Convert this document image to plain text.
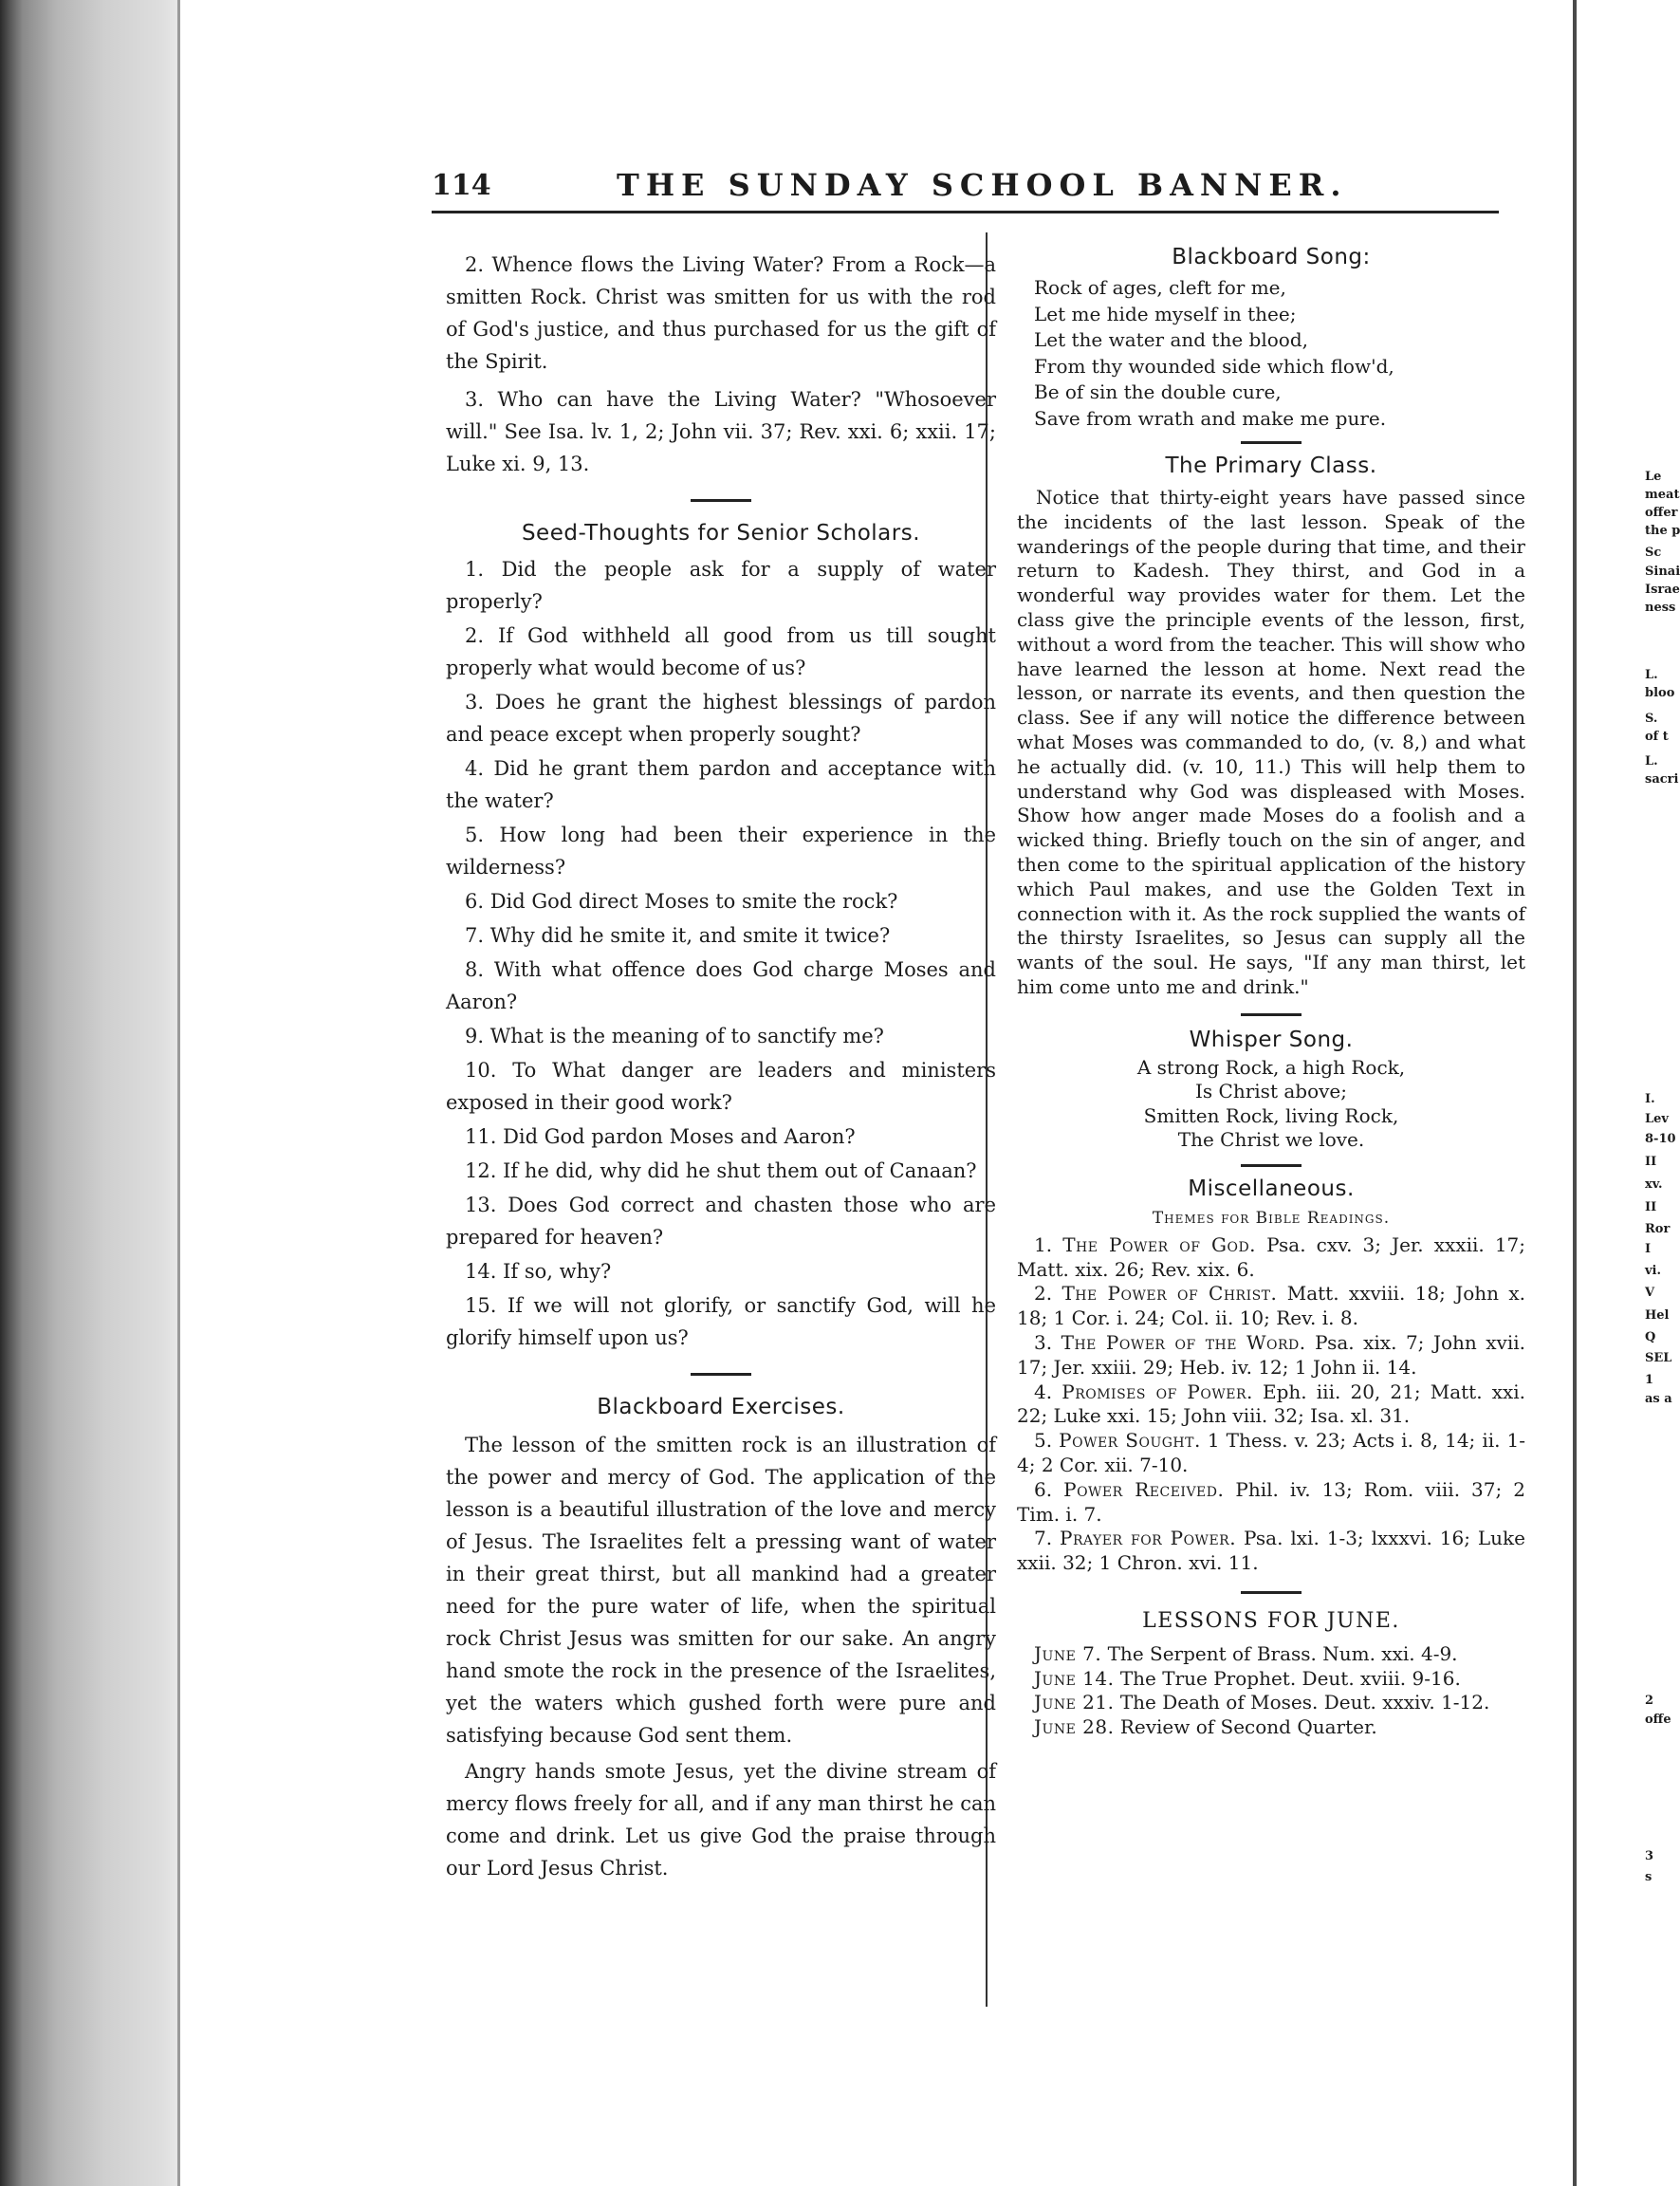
Le
meat
offer
the p
Sc
Sinai
Israe
ness
L.
bloo
S.
of t
L.
sacri
I.
Lev
8-10
II
xv.
II
Ror
I
vi.
V
Hel
Q
SEL
1
as a
2
offe
3
s
114	THE SUNDAY SCHOOL BANNER.

2. Whence flows the Living Water? From a Rock—a smitten Rock. Christ was smitten for us with the rod of God's justice, and thus purchased for us the gift of the Spirit.

3. Who can have the Living Water? "Whosoever will." See Isa. lv. 1, 2; John vii. 37; Rev. xxi. 6; xxii. 17; Luke xi. 9, 13.

Seed-Thoughts for Senior Scholars.

1. Did the people ask for a supply of water properly?

2. If God withheld all good from us till sought properly what would become of us?

3. Does he grant the highest blessings of pardon and peace except when properly sought?

4. Did he grant them pardon and acceptance with the water?

5. How long had been their experience in the wilderness?

6. Did God direct Moses to smite the rock?

7. Why did he smite it, and smite it twice?

8. With what offence does God charge Moses and Aaron?

9. What is the meaning of to sanctify me?

10. To What danger are leaders and ministers exposed in their good work?

11. Did God pardon Moses and Aaron?

12. If he did, why did he shut them out of Canaan?

13. Does God correct and chasten those who are prepared for heaven?

14. If so, why?

15. If we will not glorify, or sanctify God, will he glorify himself upon us?

Blackboard Exercises.

The lesson of the smitten rock is an illustration of the power and mercy of God. The application of the lesson is a beautiful illustration of the love and mercy of Jesus. The Israelites felt a pressing want of water in their great thirst, but all mankind had a greater need for the pure water of life, when the spiritual rock Christ Jesus was smitten for our sake. An angry hand smote the rock in the presence of the Israelites, yet the waters which gushed forth were pure and satisfying because God sent them.

Angry hands smote Jesus, yet the divine stream of mercy flows freely for all, and if any man thirst he can come and drink. Let us give God the praise through our Lord Jesus Christ.

Blackboard Song:
Rock of ages, cleft for me,
Let me hide myself in thee;
Let the water and the blood,
From thy wounded side which flow'd,
Be of sin the double cure,
Save from wrath and make me pure.
The Primary Class.

Notice that thirty-eight years have passed since the incidents of the last lesson. Speak of the wanderings of the people during that time, and their return to Kadesh. They thirst, and God in a wonderful way provides water for them. Let the class give the principle events of the lesson, first, without a word from the teacher. This will show who have learned the lesson at home. Next read the lesson, or narrate its events, and then question the class. See if any will notice the difference between what Moses was commanded to do, (v. 8,) and what he actually did. (v. 10, 11.) This will help them to understand why God was displeased with Moses. Show how anger made Moses do a foolish and a wicked thing. Briefly touch on the sin of anger, and then come to the spiritual application of the history which Paul makes, and use the Golden Text in connection with it. As the rock supplied the wants of the thirsty Israelites, so Jesus can supply all the wants of the soul. He says, "If any man thirst, let him come unto me and drink."

Whisper Song.
A strong Rock, a high Rock,
Is Christ above;
Smitten Rock, living Rock,
The Christ we love.
Miscellaneous.
Themes for Bible Readings.

1. The Power of God. Psa. cxv. 3; Jer. xxxii. 17; Matt. xix. 26; Rev. xix. 6.

2. The Power of Christ. Matt. xxviii. 18; John x. 18; 1 Cor. i. 24; Col. ii. 10; Rev. i. 8.

3. The Power of the Word. Psa. xix. 7; John xvii. 17; Jer. xxiii. 29; Heb. iv. 12; 1 John ii. 14.

4. Promises of Power. Eph. iii. 20, 21; Matt. xxi. 22; Luke xxi. 15; John viii. 32; Isa. xl. 31.

5. Power Sought. 1 Thess. v. 23; Acts i. 8, 14; ii. 1-4; 2 Cor. xii. 7-10.

6. Power Received. Phil. iv. 13; Rom. viii. 37; 2 Tim. i. 7.

7. Prayer for Power. Psa. lxi. 1-3; lxxxvi. 16; Luke xxii. 32; 1 Chron. xvi. 11.

LESSONS FOR JUNE.

June 7. The Serpent of Brass. Num. xxi. 4-9.

June 14. The True Prophet. Deut. xviii. 9-16.

June 21. The Death of Moses. Deut. xxxiv. 1-12.

June 28. Review of Second Quarter.
